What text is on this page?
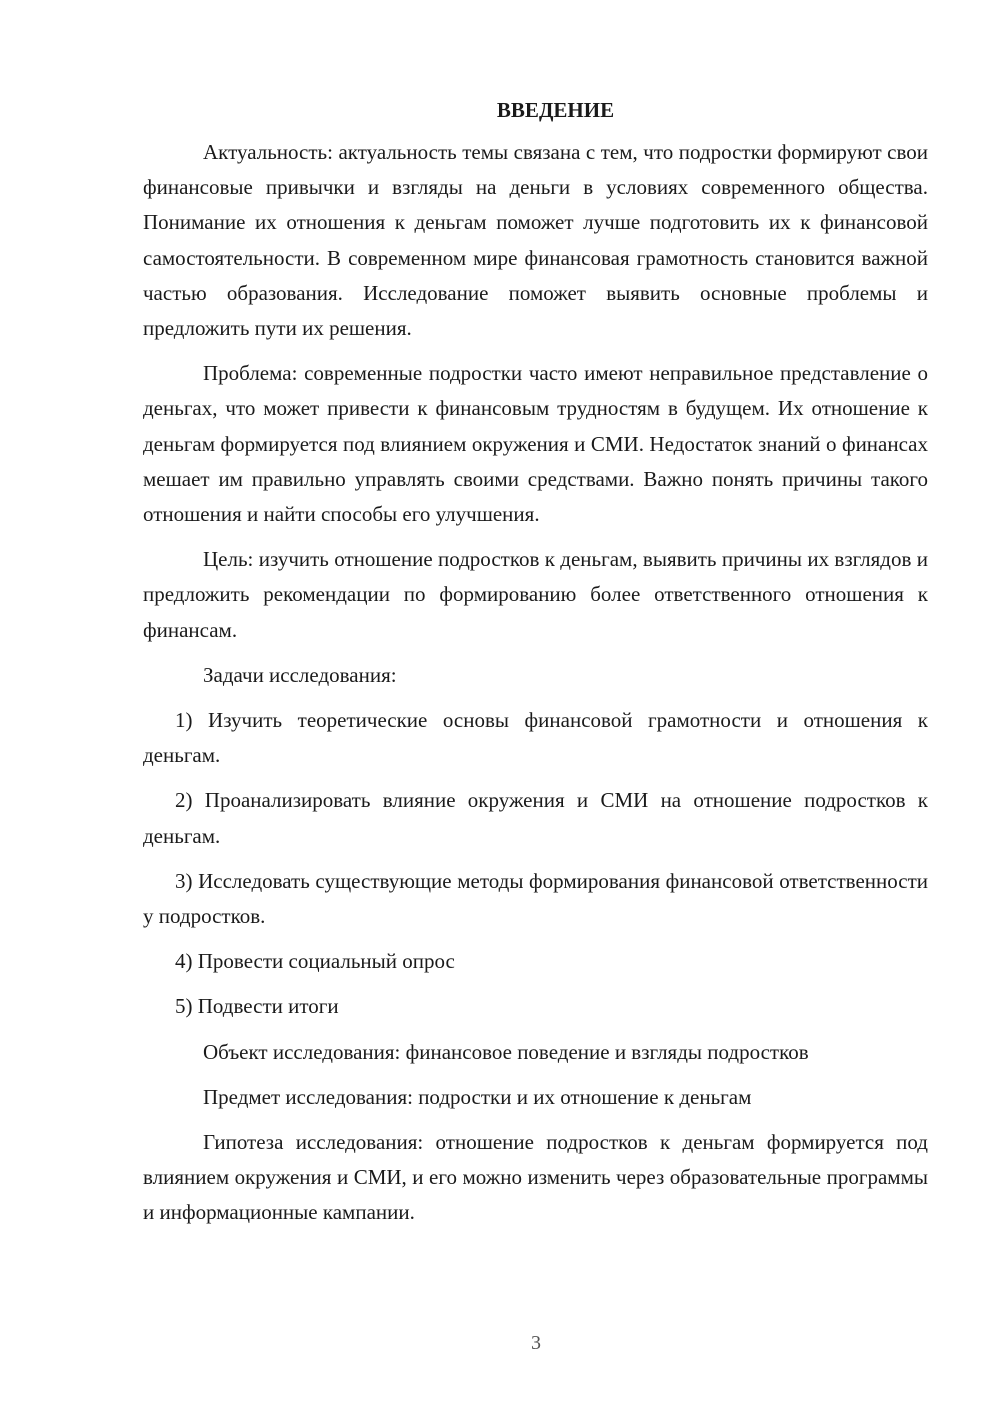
ВВЕДЕНИЕ

Актуальность: актуальность темы связана с тем, что подростки формируют свои финансовые привычки и взгляды на деньги в условиях современного общества. Понимание их отношения к деньгам поможет лучше подготовить их к финансовой самостоятельности. В современном мире финансовая грамотность становится важной частью образования. Исследование поможет выявить основные проблемы и предложить пути их решения.

Проблема: современные подростки часто имеют неправильное представление о деньгах, что может привести к финансовым трудностям в будущем. Их отношение к деньгам формируется под влиянием окружения и СМИ. Недостаток знаний о финансах мешает им правильно управлять своими средствами. Важно понять причины такого отношения и найти способы его улучшения.

Цель: изучить отношение подростков к деньгам, выявить причины их взглядов и предложить рекомендации по формированию более ответственного отношения к финансам.

Задачи исследования:

1) Изучить теоретические основы финансовой грамотности и отношения к деньгам.

2) Проанализировать влияние окружения и СМИ на отношение подростков к деньгам.

3) Исследовать существующие методы формирования финансовой ответственности у подростков.

4) Провести социальный опрос

5) Подвести итоги

Объект исследования: финансовое поведение и взгляды подростков

Предмет исследования: подростки и их отношение к деньгам

Гипотеза исследования: отношение подростков к деньгам формируется под влиянием окружения и СМИ, и его можно изменить через образовательные программы и информационные кампании.

3
